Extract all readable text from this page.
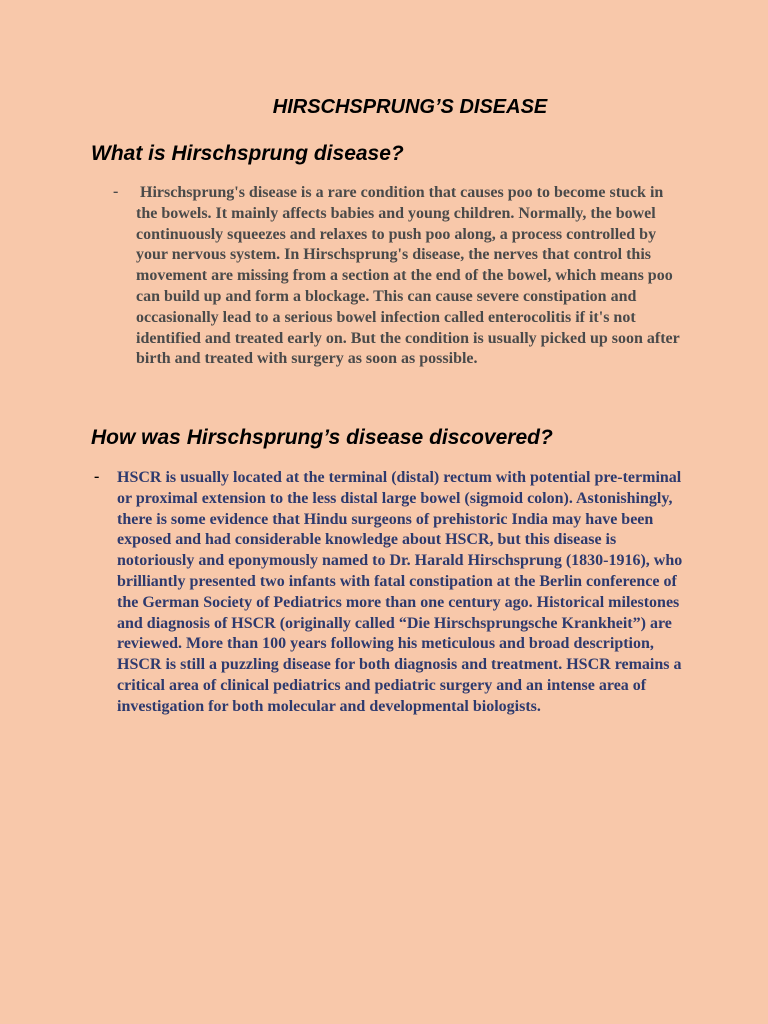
HIRSCHSPRUNG’S DISEASE
What is Hirschsprung disease?
- Hirschsprung's disease is a rare condition that causes poo to become stuck in the bowels. It mainly affects babies and young children. Normally, the bowel continuously squeezes and relaxes to push poo along, a process controlled by your nervous system. In Hirschsprung's disease, the nerves that control this movement are missing from a section at the end of the bowel, which means poo can build up and form a blockage. This can cause severe constipation and occasionally lead to a serious bowel infection called enterocolitis if it's not identified and treated early on. But the condition is usually picked up soon after birth and treated with surgery as soon as possible.

How was Hirschsprung’s disease discovered?
- HSCR is usually located at the terminal (distal) rectum with potential pre-terminal or proximal extension to the less distal large bowel (sigmoid colon). Astonishingly, there is some evidence that Hindu surgeons of prehistoric India may have been exposed and had considerable knowledge about HSCR, but this disease is notoriously and eponymously named to Dr. Harald Hirschsprung (1830-1916), who brilliantly presented two infants with fatal constipation at the Berlin conference of the German Society of Pediatrics more than one century ago. Historical milestones and diagnosis of HSCR (originally called “Die Hirschsprungsche Krankheit”) are reviewed. More than 100 years following his meticulous and broad description, HSCR is still a puzzling disease for both diagnosis and treatment. HSCR remains a critical area of clinical pediatrics and pediatric surgery and an intense area of investigation for both molecular and developmental biologists.
